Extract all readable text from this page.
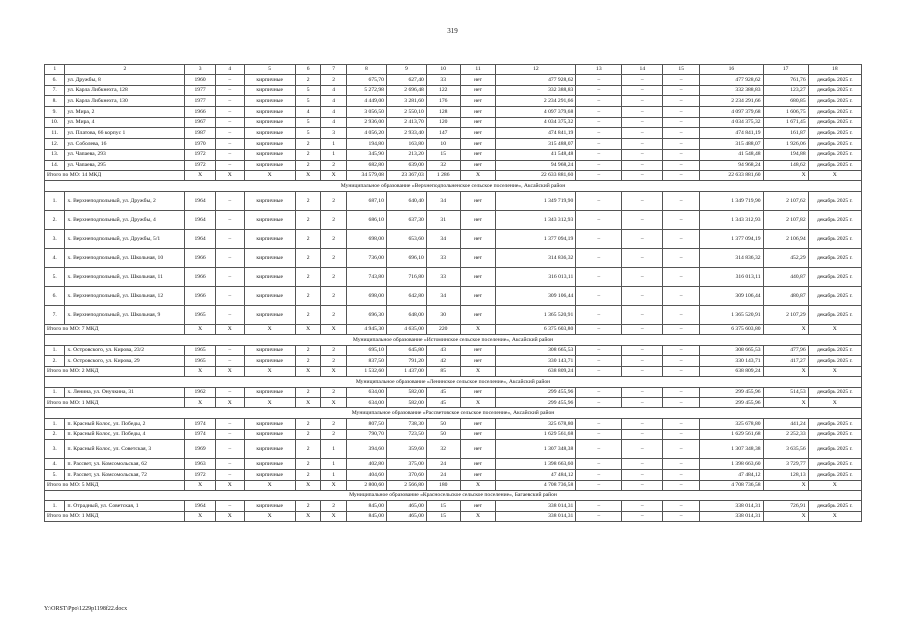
319
1	2	3	4	5	6	7	8	9	10	11	12	13	14	15	16	17	18
6.	ул. Дружбы, 8	1960	–	кирпичные	2	2	675,70	627,40	33	нет	477 928,62	–	–	–	477 928,62	761,76	декабрь 2025 г.
7.	ул. Карла Либкнехта, 128	1977	–	кирпичные	5	4	5 272,98	2 696,48	122	нет	332 388,83	–	–	–	332 388,83	123,27	декабрь 2025 г.
8.	ул. Карла Либкнехта, 130	1977	–	кирпичные	5	4	4 449,00	3 281,60	176	нет	2 234 291,66	–	–	–	2 234 291,66	680,85	декабрь 2025 г.
9.	ул. Мира, 2	1966	–	кирпичные	4	4	3 056,50	2 550,10	128	нет	4 097 379,68	–	–	–	4 097 379,68	1 606,75	декабрь 2025 г.
10.	ул. Мира, 4	1967	–	кирпичные	5	4	2 936,00	2 413,70	120	нет	4 034 375,32	–	–	–	4 034 375,32	1 671,45	декабрь 2025 г.
11.	ул. Платова, 66 корпус 1	1987	–	кирпичные	5	3	4 056,20	2 933,40	147	нет	474 841,19	–	–	–	474 841,19	161,87	декабрь 2025 г.
12.	ул. Соболева, 16	1970	–	кирпичные	2	1	194,80	163,80	10	нет	315 488,07	–	–	–	315 488,07	1 926,06	декабрь 2025 г.
13.	ул. Чапаева, 293	1972	–	кирпичные	2	1	345,90	213,20	15	нет	41 548,48	–	–	–	41 548,48	194,88	декабрь 2025 г.
14.	ул. Чапаева, 295	1972	–	кирпичные	2	2	682,80	639,00	32	нет	94 968,24	–	–	–	94 968,24	148,62	декабрь 2025 г.
Итого по МО: 14 МКД		X	X	X	X	X	34 579,08	23 367,03	1 286	X	22 633 881,60	–	–	–	22 633 881,60	X	X
Муниципальное образование «Верхнеподпольненское сельское поселение», Аксайский район																	
1.	х. Верхнеподпольный, ул. Дружбы, 2	1964	–	кирпичные	2	2	687,10	640,40	34	нет	1 349 719,90	–	–	–	1 349 719,90	2 107,62	декабрь 2025 г.
2.	х. Верхнеподпольный, ул. Дружбы, 4	1964	–	кирпичные	2	2	686,10	637,30	31	нет	1 343 312,93	–	–	–	1 343 312,93	2 107,82	декабрь 2025 г.
3.	х. Верхнеподпольный, ул. Дружбы, 5/1	1964	–	кирпичные	2	2	698,00	653,60	34	нет	1 377 094,19	–	–	–	1 377 094,19	2 106,94	декабрь 2025 г.
4.	х. Верхнеподпольный, ул. Школьная, 10	1966	–	кирпичные	2	2	736,00	696,10	33	нет	314 836,32	–	–	–	314 836,32	452,29	декабрь 2025 г.
5.	х. Верхнеподпольный, ул. Школьная, 11	1966	–	кирпичные	2	2	743,80	716,80	33	нет	316 013,11	–	–	–	316 013,11	440,87	декабрь 2025 г.
6.	х. Верхнеподпольный, ул. Школьная, 12	1966	–	кирпичные	2	2	698,00	642,80	34	нет	309 106,44	–	–	–	309 106,44	480,87	декабрь 2025 г.
7.	х. Верхнеподпольный, ул. Школьная, 9	1965	–	кирпичные	2	2	696,30	648,00	30	нет	1 365 520,91	–	–	–	1 365 520,91	2 107,29	декабрь 2025 г.
Итого по МО: 7 МКД		X	X	X	X	X	4 945,30	4 635,00	220	X	6 375 603,80	–	–	–	6 375 603,80	X	X
Муниципальное образование «Истоминское сельское поселение», Аксайский район																	
1.	х. Островского, ул. Кирова, 23/2	1965	–	кирпичные	2	2	695,10	645,80	43	нет	308 665,53	–	–	–	308 665,53	477,96	декабрь 2025 г.
2.	х. Островского, ул. Кирова, 29	1965	–	кирпичные	2	2	837,50	791,20	42	нет	330 143,71	–	–	–	330 143,71	417,27	декабрь 2025 г.
Итого по МО: 2 МКД		X	X	X	X	X	1 532,60	1 437,00	85	X	638 809,24	–	–	–	638 809,24	X	X
Муниципальное образование «Ленинское сельское поселение», Аксайский район																	
1.	х. Ленина, ул. Онучкина, 31	1962	–	кирпичные	2	2	634,00	582,00	45	нет	299 455,96	–	–	–	299 455,96	514,53	декабрь 2025 г.
Итого по МО: 1 МКД		X	X	X	X	X	634,00	582,00	45	X	299 455,96	–	–	–	299 455,96	X	X
Муниципальное образование «Рассветовское сельское поселение», Аксайский район																	
1.	п. Красный Колос, ул. Победы, 2	1974	–	кирпичные	2	2	807,50	738,30	50	нет	325 678,80	–	–	–	325 678,80	441,24	декабрь 2025 г.
2.	п. Красный Колос, ул. Победы, 4	1974	–	кирпичные	2	2	790,70	723,50	50	нет	1 629 561,68	–	–	–	1 629 561,68	2 252,33	декабрь 2025 г.
3.	п. Красный Колос, ул. Советская, 3	1969	–	кирпичные	2	1	394,60	359,60	32	нет	1 307 348,38	–	–	–	1 307 348,38	3 635,56	декабрь 2025 г.
4.	п. Рассвет, ул. Комсомольская, 62	1963	–	кирпичные	2	1	402,80	375,00	24	нет	1 398 663,60	–	–	–	1 398 663,60	3 729,77	декабрь 2025 г.
5.	п. Рассвет, ул. Комсомольская, 72	1972	–	кирпичные	2	1	404,60	370,60	24	нет	47 484,12	–	–	–	47 484,12	128,13	декабрь 2025 г.
Итого по МО: 5 МКД		X	X	X	X	X	2 800,60	2 566,80	180	X	4 708 736,58	–	–	–	4 708 736,58	X	X
Муниципальное образование «Красносельское сельское поселение», Багаевский район																	
1.	п. Отрадный, ул. Советская, 1	1964	–	кирпичные	2	2	845,00	465,00	15	нет	338 014,31	–	–	–	338 014,31	726,91	декабрь 2025 г.
Итого по МО: 1 МКД		X	X	X	X	X	845,00	465,00	15	X	338 014,31	–	–	–	338 014,31	X	X
Y:\ORST\Ppo\1229p1198f22.docx
